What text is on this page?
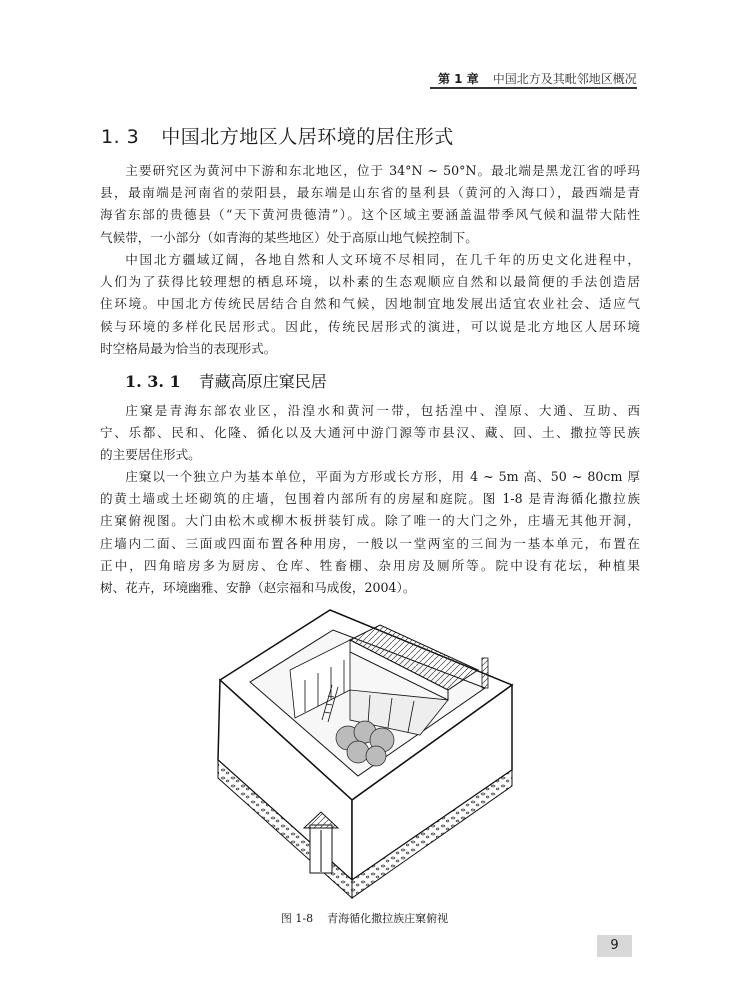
第 1 章 中国北方及其毗邻地区概况
1. 3 中国北方地区人居环境的居住形式
主要研究区为黄河中下游和东北地区，位于 34°N ~ 50°N。最北端是黑龙江省的呼玛
县，最南端是河南省的荥阳县，最东端是山东省的垦利县（黄河的入海口），最西端是青
海省东部的贵德县（“天下黄河贵德清”）。这个区域主要涵盖温带季风气候和温带大陆性
气候带，一小部分（如青海的某些地区）处于高原山地气候控制下。
中国北方疆域辽阔，各地自然和人文环境不尽相同，在几千年的历史文化进程中，
人们为了获得比较理想的栖息环境，以朴素的生态观顺应自然和以最简便的手法创造居
住环境。中国北方传统民居结合自然和气候，因地制宜地发展出适宜农业社会、适应气
候与环境的多样化民居形式。因此，传统民居形式的演进，可以说是北方地区人居环境
时空格局最为恰当的表现形式。
1. 3. 1 青藏高原庄窠民居
庄窠是青海东部农业区，沿湟水和黄河一带，包括湟中、湟原、大通、互助、西
宁、乐都、民和、化隆、循化以及大通河中游门源等市县汉、藏、回、土、撒拉等民族
的主要居住形式。
庄窠以一个独立户为基本单位，平面为方形或长方形，用 4 ~ 5m 高、50 ~ 80cm 厚
的黄土墙或土坯砌筑的庄墙，包围着内部所有的房屋和庭院。图 1-8 是青海循化撒拉族
庄窠俯视图。大门由松木或柳木板拼装钉成。除了唯一的大门之外，庄墙无其他开洞，
庄墙内二面、三面或四面布置各种用房，一般以一堂两室的三间为一基本单元，布置在
正中，四角暗房多为厨房、仓库、牲畜棚、杂用房及厕所等。院中设有花坛，种植果
树、花卉，环境幽雅、安静（赵宗福和马成俊，2004）。
图 1-8 青海循化撒拉族庄窠俯视
9
